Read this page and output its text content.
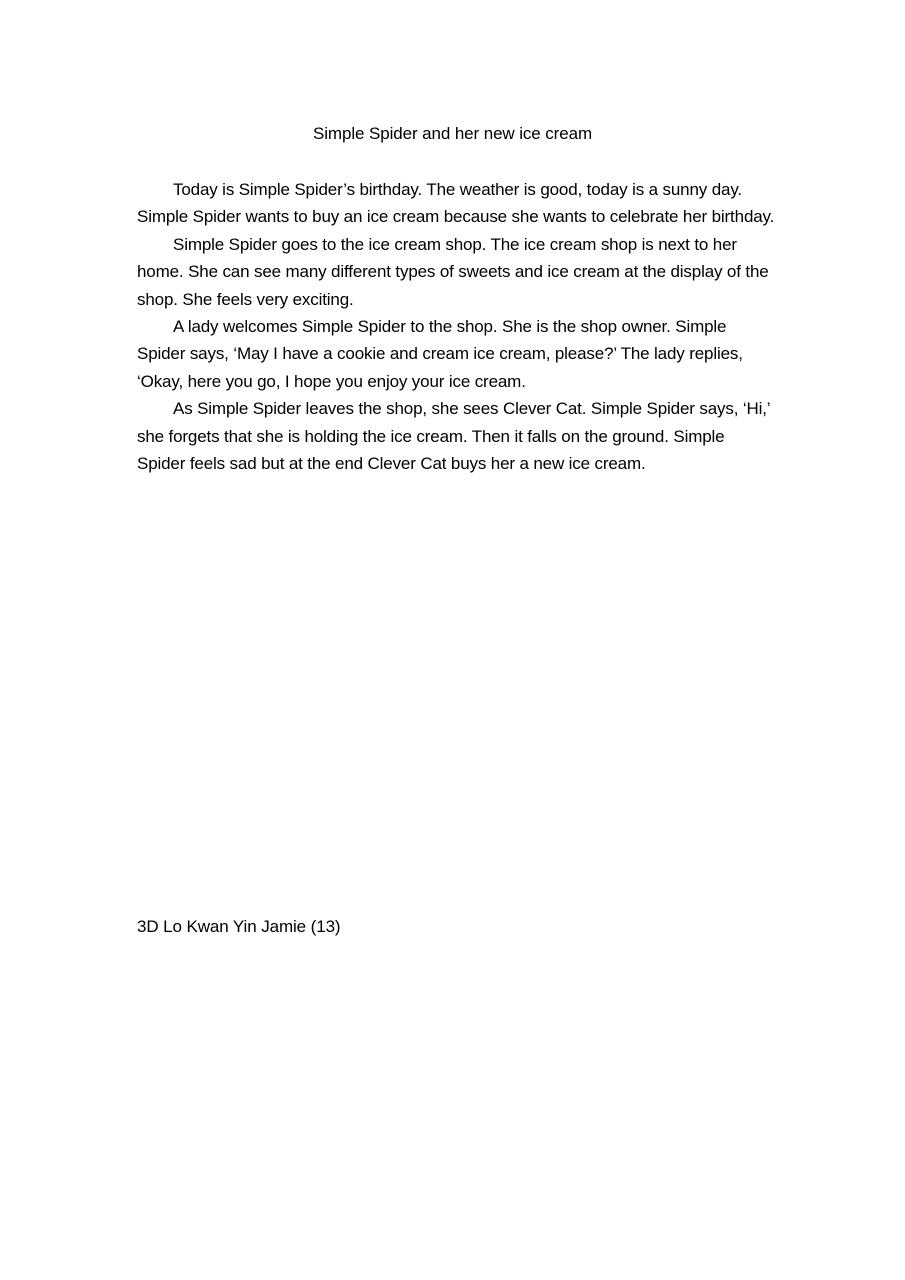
Simple Spider and her new ice cream

Today is Simple Spider’s birthday. The weather is good, today is a sunny day. Simple Spider wants to buy an ice cream because she wants to celebrate her birthday.

Simple Spider goes to the ice cream shop. The ice cream shop is next to her home. She can see many different types of sweets and ice cream at the display of the shop. She feels very exciting.

A lady welcomes Simple Spider to the shop. She is the shop owner. Simple Spider says, ‘May I have a cookie and cream ice cream, please?’ The lady replies, ‘Okay, here you go, I hope you enjoy your ice cream.

As Simple Spider leaves the shop, she sees Clever Cat. Simple Spider says, ‘Hi,’ she forgets that she is holding the ice cream. Then it falls on the ground. Simple Spider feels sad but at the end Clever Cat buys her a new ice cream.

3D Lo Kwan Yin Jamie (13)
